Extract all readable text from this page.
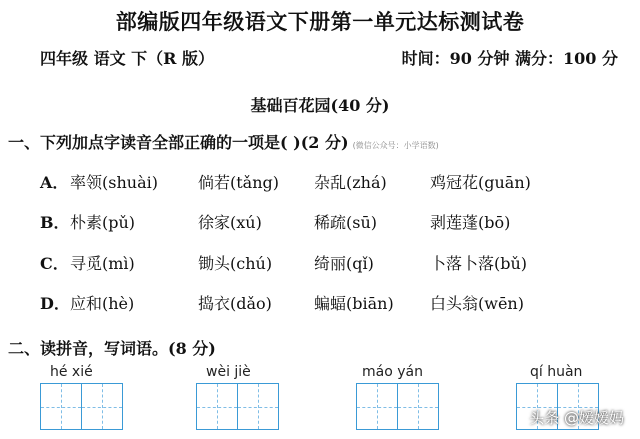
部编版四年级语文下册第一单元达标测试卷
四年级 语文 下（R 版）	时间：90 分钟 满分：100 分
基础百花园(40 分)
一、下列加点字读音全部正确的一项是( )(2 分) (微信公众号：小学语数)
A． 率领(shuài)	倘若(tǎng) 杂乱(zhá)	鸡冠花(guān)
B． 朴素(pǔ)	徐家(xú)	稀疏(sū)	剥莲蓬(bō)
C． 寻觅(mì)	锄头(chú)	绮丽(qǐ)	卜落卜落(bǔ)
D． 应和(hè)	捣衣(dǎo)	蝙蝠(biān) 白头翁(wēn)
二、读拼音，写词语。(8 分)
hé xié	wèi jiè	máo yán	qí huàn
头条 @嫒嫒妈
